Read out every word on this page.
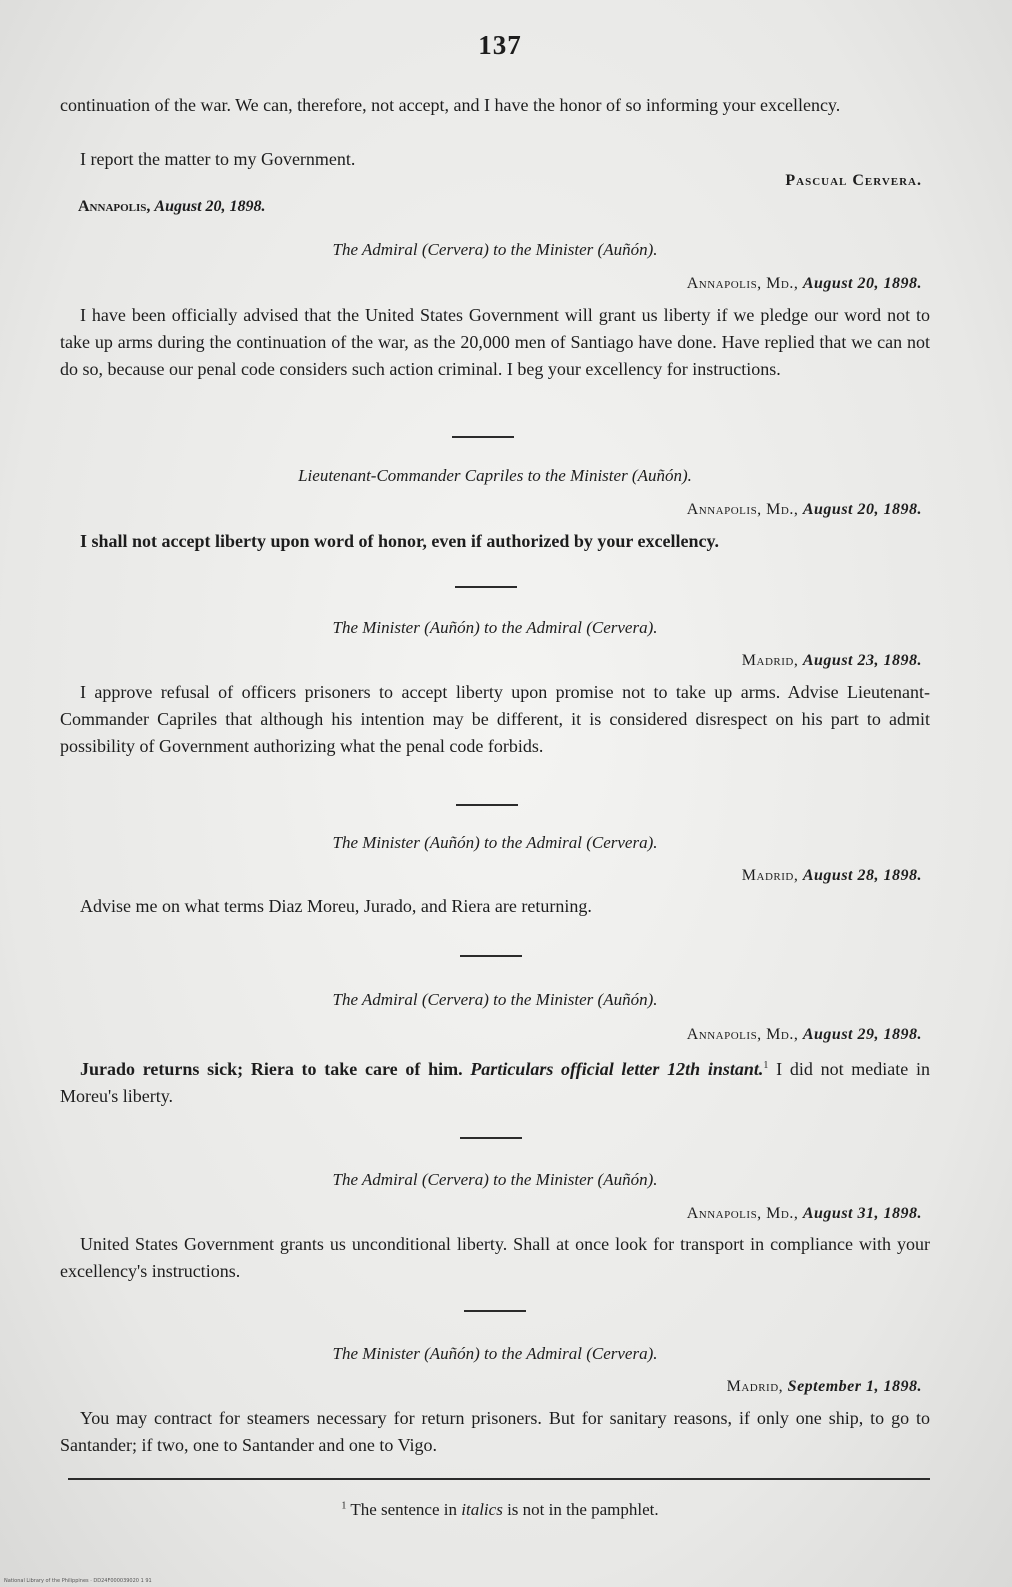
137
continuation of the war. We can, therefore, not accept, and I have the honor of so informing your excellency.
I report the matter to my Government.
Pascual Cervera.
Annapolis, August 20, 1898.
The Admiral (Cervera) to the Minister (Auñón).
Annapolis, Md., August 20, 1898.
I have been officially advised that the United States Government will grant us liberty if we pledge our word not to take up arms during the continuation of the war, as the 20,000 men of Santiago have done. Have replied that we can not do so, because our penal code considers such action criminal. I beg your excellency for instructions.
Lieutenant-Commander Capriles to the Minister (Auñón).
Annapolis, Md., August 20, 1898.
I shall not accept liberty upon word of honor, even if authorized by your excellency.
The Minister (Auñón) to the Admiral (Cervera).
Madrid, August 23, 1898.
I approve refusal of officers prisoners to accept liberty upon promise not to take up arms. Advise Lieutenant-Commander Capriles that although his intention may be different, it is considered disrespect on his part to admit possibility of Government authorizing what the penal code forbids.
The Minister (Auñón) to the Admiral (Cervera).
Madrid, August 28, 1898.
Advise me on what terms Diaz Moreu, Jurado, and Riera are returning.
The Admiral (Cervera) to the Minister (Auñón).
Annapolis, Md., August 29, 1898.
Jurado returns sick; Riera to take care of him. Particulars official letter 12th instant.$^1$ I did not mediate in Moreu's liberty.
The Admiral (Cervera) to the Minister (Auñón).
Annapolis, Md., August 31, 1898.
United States Government grants us unconditional liberty. Shall at once look for transport in compliance with your excellency's instructions.
The Minister (Auñón) to the Admiral (Cervera).
Madrid, September 1, 1898.
You may contract for steamers necessary for return prisoners. But for sanitary reasons, if only one ship, to go to Santander; if two, one to Santander and one to Vigo.
$^1$ The sentence in italics is not in the pamphlet.
National Library of the Philippines · DD24F000039020 1 91
